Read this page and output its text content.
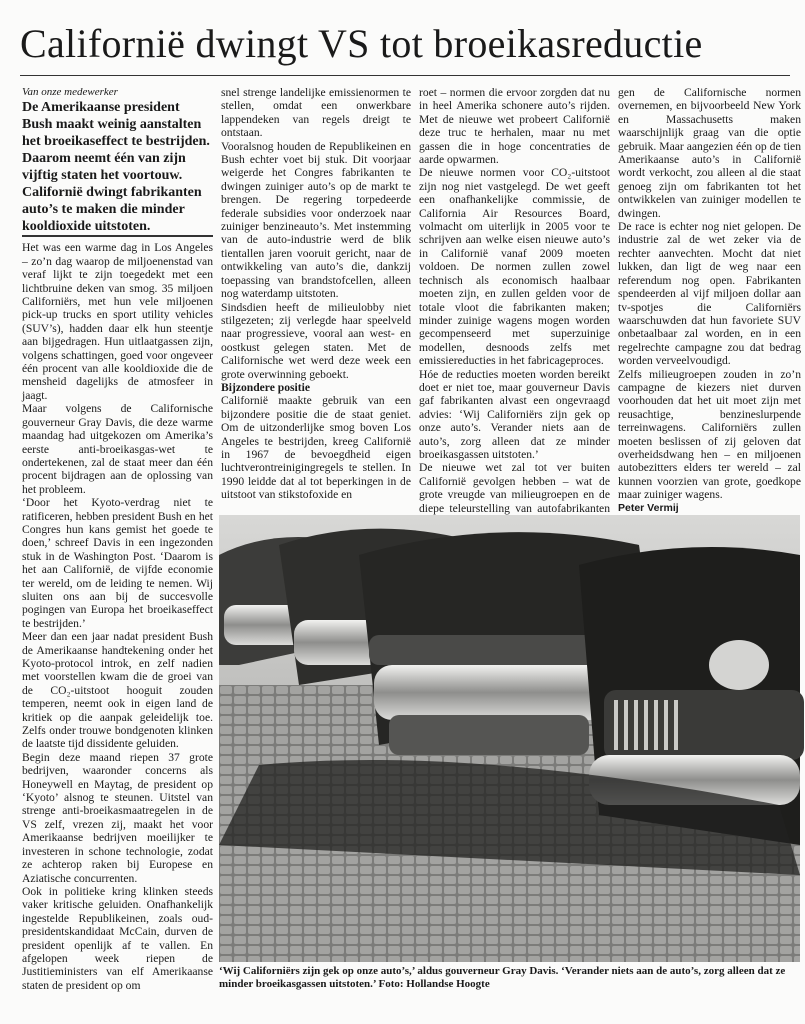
Californië dwingt VS tot broeikasreductie

Van onze medewerker

De Amerikaanse president Bush maakt weinig aanstalten het broeikaseffect te bestrijden. Daarom neemt één van zijn vijftig staten het voortouw. Californië dwingt fabrikanten auto’s te maken die minder kooldioxide uitstoten.

Het was een warme dag in Los Angeles – zo’n dag waarop de miljoenenstad van veraf lijkt te zijn toegedekt met een lichtbruine deken van smog. 35 miljoen Californiërs, met hun vele miljoenen pick-up trucks en sport utility vehicles (SUV’s), hadden daar elk hun steentje aan bijgedragen. Hun uitlaatgassen zijn, volgens schattingen, goed voor ongeveer één procent van alle kooldioxide die de mensheid dagelijks de atmosfeer in jaagt.

Maar volgens de Californische gouverneur Gray Davis, die deze warme maandag had uitgekozen om Amerika’s eerste anti-broeikasgas-wet te ondertekenen, zal de staat meer dan één procent bijdragen aan de oplossing van het probleem.

‘Door het Kyoto-verdrag niet te ratificeren, hebben president Bush en het Congres hun kans gemist het goede te doen,’ schreef Davis in een ingezonden stuk in de Washington Post. ‘Daarom is het aan Californië, de vijfde economie ter wereld, om de leiding te nemen. Wij sluiten ons aan bij de succesvolle pogingen van Europa het broeikaseffect te bestrijden.’

Meer dan een jaar nadat president Bush de Amerikaanse handtekening onder het Kyoto-protocol introk, en zelf nadien met voorstellen kwam die de groei van de CO₂-uitstoot hooguit zouden temperen, neemt ook in eigen land de kritiek op die aanpak geleidelijk toe. Zelfs onder trouwe bondgenoten klinken de laatste tijd dissidente geluiden.

Begin deze maand riepen 37 grote bedrijven, waaronder concerns als Honeywell en Maytag, de president op ‘Kyoto’ alsnog te steunen. Uitstel van strenge anti-broeikasmaatregelen in de VS zelf, vrezen zij, maakt het voor Amerikaanse bedrijven moeilijker te investeren in schone technologie, zodat ze achterop raken bij Europese en Aziatische concurrenten.

Ook in politieke kring klinken steeds vaker kritische geluiden. Onafhankelijk ingestelde Republikeinen, zoals oud-presidentskandidaat McCain, durven de president openlijk af te vallen. En afgelopen week riepen de Justitieministers van elf Amerikaanse staten de president op om

snel strenge landelijke emissienormen te stellen, omdat een onwerkbare lappendeken van regels dreigt te ontstaan.

Vooralsnog houden de Republikeinen en Bush echter voet bij stuk. Dit voorjaar weigerde het Congres fabrikanten te dwingen zuiniger auto’s op de markt te brengen. De regering torpedeerde federale subsidies voor onderzoek naar zuiniger benzineauto’s. Met instemming van de auto-industrie werd de blik tientallen jaren vooruit gericht, naar de ontwikkeling van auto’s die, dankzij toepassing van brandstofcellen, alleen nog waterdamp uitstoten.

Sindsdien heeft de milieulobby niet stilgezeten; zij verlegde haar speelveld naar progressieve, vooral aan west- en oostkust gelegen staten. Met de Californische wet werd deze week een grote overwinning geboekt.

Bijzondere positie

Californië maakte gebruik van een bijzondere positie die de staat geniet. Om de uitzonderlijke smog boven Los Angeles te bestrijden, kreeg Californië in 1967 de bevoegdheid eigen luchtverontreinigingregels te stellen. In 1990 leidde dat al tot beperkingen in de uitstoot van stikstofoxide en

roet – normen die ervoor zorgden dat nu in heel Amerika schonere auto’s rijden. Met de nieuwe wet probeert Californië deze truc te herhalen, maar nu met gassen die in hoge concentraties de aarde opwarmen.

De nieuwe normen voor CO₂-uitstoot zijn nog niet vastgelegd. De wet geeft een onafhankelijke commissie, de California Air Resources Board, volmacht om uiterlijk in 2005 voor te schrijven aan welke eisen nieuwe auto’s in Californië vanaf 2009 moeten voldoen. De normen zullen zowel technisch als economisch haalbaar moeten zijn, en zullen gelden voor de totale vloot die fabrikanten maken; minder zuinige wagens mogen worden gecompenseerd met superzuinige modellen, desnoods zelfs met emissiereducties in het fabricageproces.

Hóe de reducties moeten worden bereikt doet er niet toe, maar gouverneur Davis gaf fabrikanten alvast een ongevraagd advies: ‘Wij Californiërs zijn gek op onze auto’s. Verander niets aan de auto’s, zorg alleen dat ze minder broeikasgassen uitstoten.’

De nieuwe wet zal tot ver buiten Californië gevolgen hebben – wat de grote vreugde van milieugroepen en de diepe teleurstelling van autofabrikanten

gen de Californische normen overnemen, en bijvoorbeeld New York en Massachusetts maken waarschijnlijk graag van die optie gebruik. Maar aangezien één op de tien Amerikaanse auto’s in Californië wordt verkocht, zou alleen al die staat genoeg zijn om fabrikanten tot het ontwikkelen van zuiniger modellen te dwingen.

De race is echter nog niet gelopen. De industrie zal de wet zeker via de rechter aanvechten. Mocht dat niet lukken, dan ligt de weg naar een referendum nog open. Fabrikanten spendeerden al vijf miljoen dollar aan tv-spotjes die Californiërs waarschuwden dat hun favoriete SUV onbetaalbaar zal worden, en in een regelrechte campagne zou dat bedrag worden verveelvoudigd.

Zelfs milieugroepen zouden in zo’n campagne de kiezers niet durven voorhouden dat het uit moet zijn met reusachtige, benzineslurpende terreinwagens. Californiërs zullen moeten beslissen of zij geloven dat overheidsdwang hen – en miljoenen autobezitters elders ter wereld – zal kunnen voorzien van grote, goedkope maar zuiniger wagens.

Peter Vermij

‘Wij Californiërs zijn gek op onze auto’s,’ aldus gouverneur Gray Davis. ‘Verander niets aan de auto’s, zorg alleen dat ze minder broeikasgassen uitstoten.’ Foto: Hollandse Hoogte
